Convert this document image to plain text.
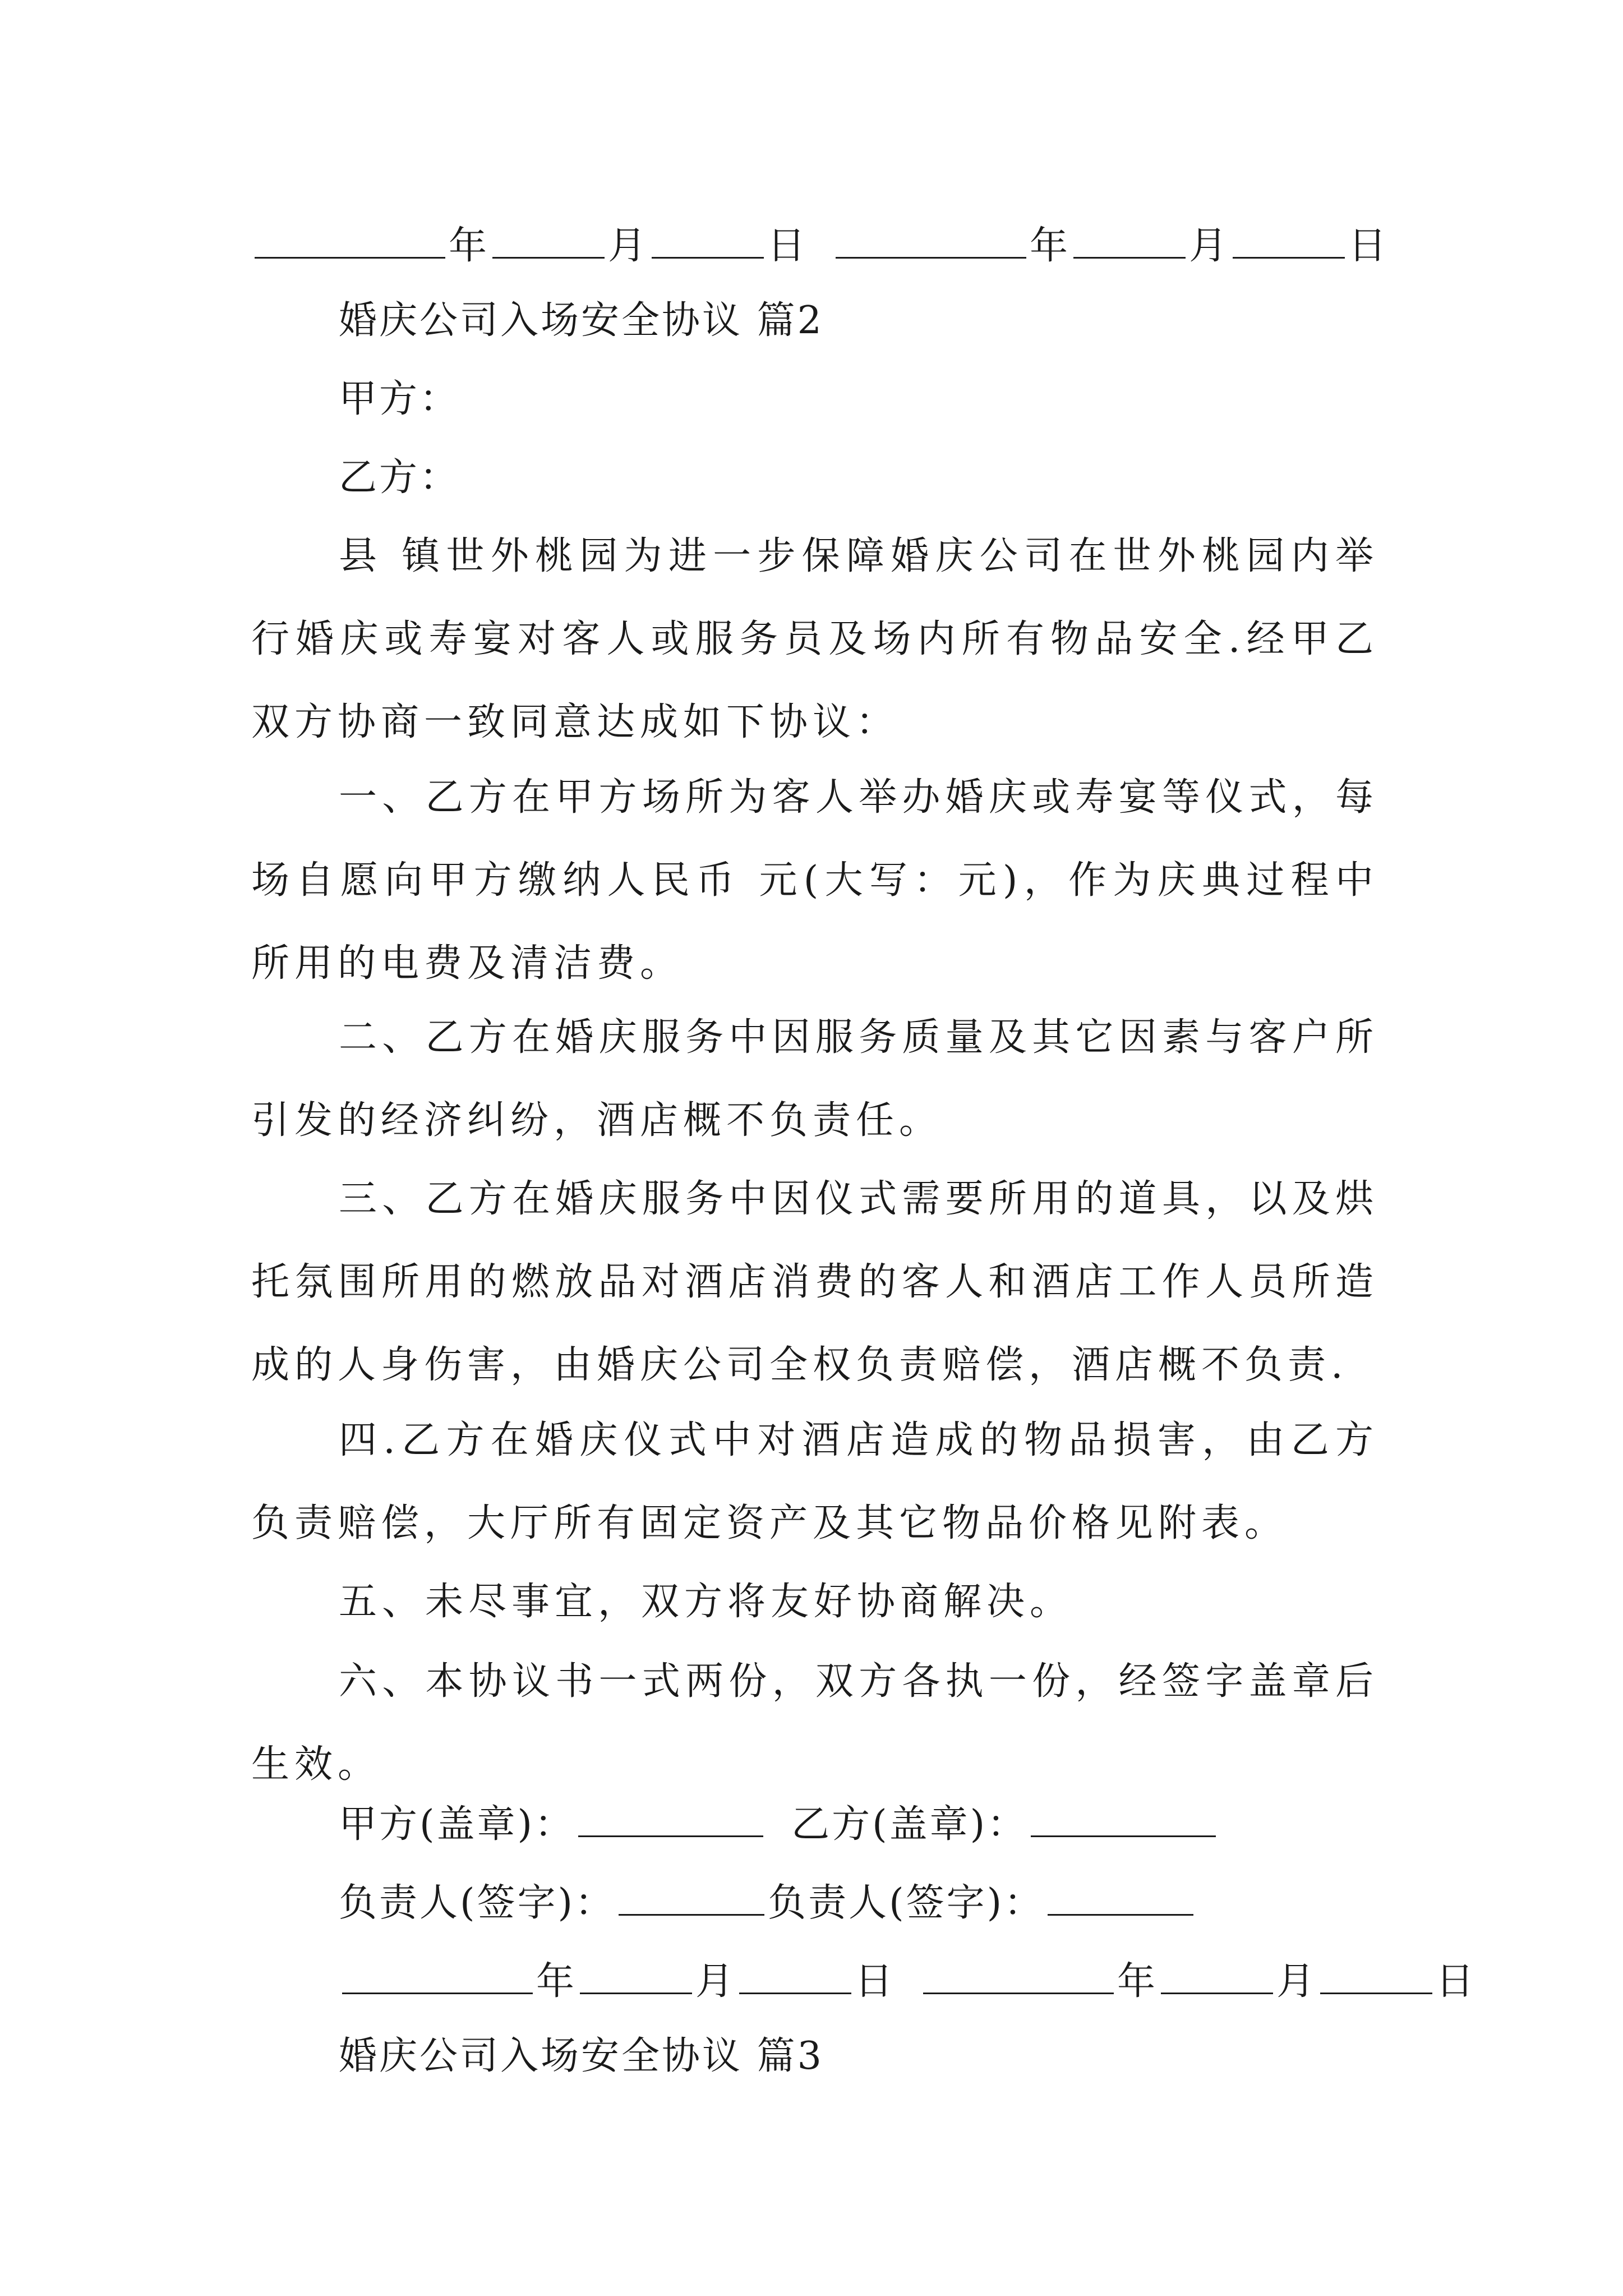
年	月	日	年	月	日
婚庆公司入场安全协议 篇2
甲方：
乙方：
县 镇世外桃园为进一步保障婚庆公司在世外桃园内举行婚庆或寿宴对客人或服务员及场内所有物品安全.经甲乙双方协商一致同意达成如下协议：
一、乙方在甲方场所为客人举办婚庆或寿宴等仪式，每场自愿向甲方缴纳人民币 元(大写：元)，作为庆典过程中所用的电费及清洁费。
二、乙方在婚庆服务中因服务质量及其它因素与客户所引发的经济纠纷，酒店概不负责任。
三、乙方在婚庆服务中因仪式需要所用的道具，以及烘托氛围所用的燃放品对酒店消费的客人和酒店工作人员所造成的人身伤害，由婚庆公司全权负责赔偿，酒店概不负责.
四.乙方在婚庆仪式中对酒店造成的物品损害，由乙方负责赔偿，大厅所有固定资产及其它物品价格见附表。
五、未尽事宜，双方将友好协商解决。
六、本协议书一式两份，双方各执一份，经签字盖章后生效。
甲方(盖章)：	乙方(盖章)：
负责人(签字)：	负责人(签字)：
年	月	日	年	月	日
婚庆公司入场安全协议 篇3
